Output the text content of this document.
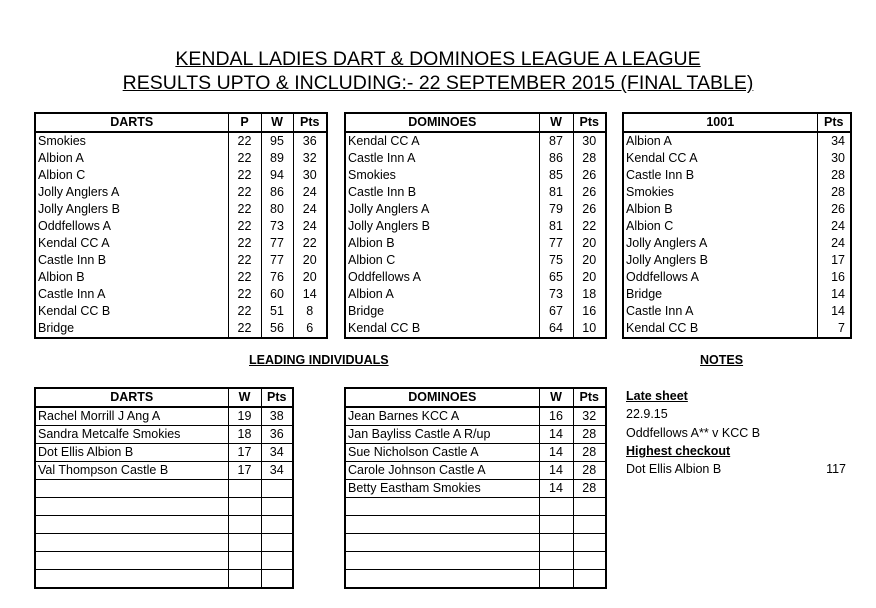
KENDAL LADIES DART & DOMINOES LEAGUE A LEAGUE
RESULTS UPTO & INCLUDING:- 22 SEPTEMBER 2015 (FINAL TABLE)
DARTS	P	W	Pts
Smokies	22	95	36
Albion A	22	89	32
Albion C	22	94	30
Jolly Anglers A	22	86	24
Jolly Anglers B	22	80	24
Oddfellows A	22	73	24
Kendal CC A	22	77	22
Castle Inn B	22	77	20
Albion B	22	76	20
Castle Inn A	22	60	14
Kendal CC B	22	51	8
Bridge	22	56	6
DOMINOES	W	Pts
Kendal CC A	87	30
Castle Inn A	86	28
Smokies	85	26
Castle Inn B	81	26
Jolly Anglers A	79	26
Jolly Anglers B	81	22
Albion B	77	20
Albion C	75	20
Oddfellows A	65	20
Albion A	73	18
Bridge	67	16
Kendal CC B	64	10
1001	Pts
Albion A	34
Kendal CC A	30
Castle Inn B	28
Smokies	28
Albion B	26
Albion C	24
Jolly Anglers A	24
Jolly Anglers B	17
Oddfellows A	16
Bridge	14
Castle Inn A	14
Kendal CC B	7
LEADING INDIVIDUALS	NOTES
DARTS	W	Pts
Rachel Morrill J Ang A	19	38
Sandra Metcalfe Smokies	18	36
Dot Ellis Albion B	17	34
Val Thompson Castle B	17	34

DOMINOES	W	Pts
Jean Barnes KCC A	16	32
Jan Bayliss Castle A R/up	14	28
Sue Nicholson Castle A	14	28
Carole Johnson Castle A	14	28
Betty Eastham Smokies	14	28

Late sheet
22.9.15
Oddfellows A** v KCC B
Highest checkout
Dot Ellis Albion B	117
